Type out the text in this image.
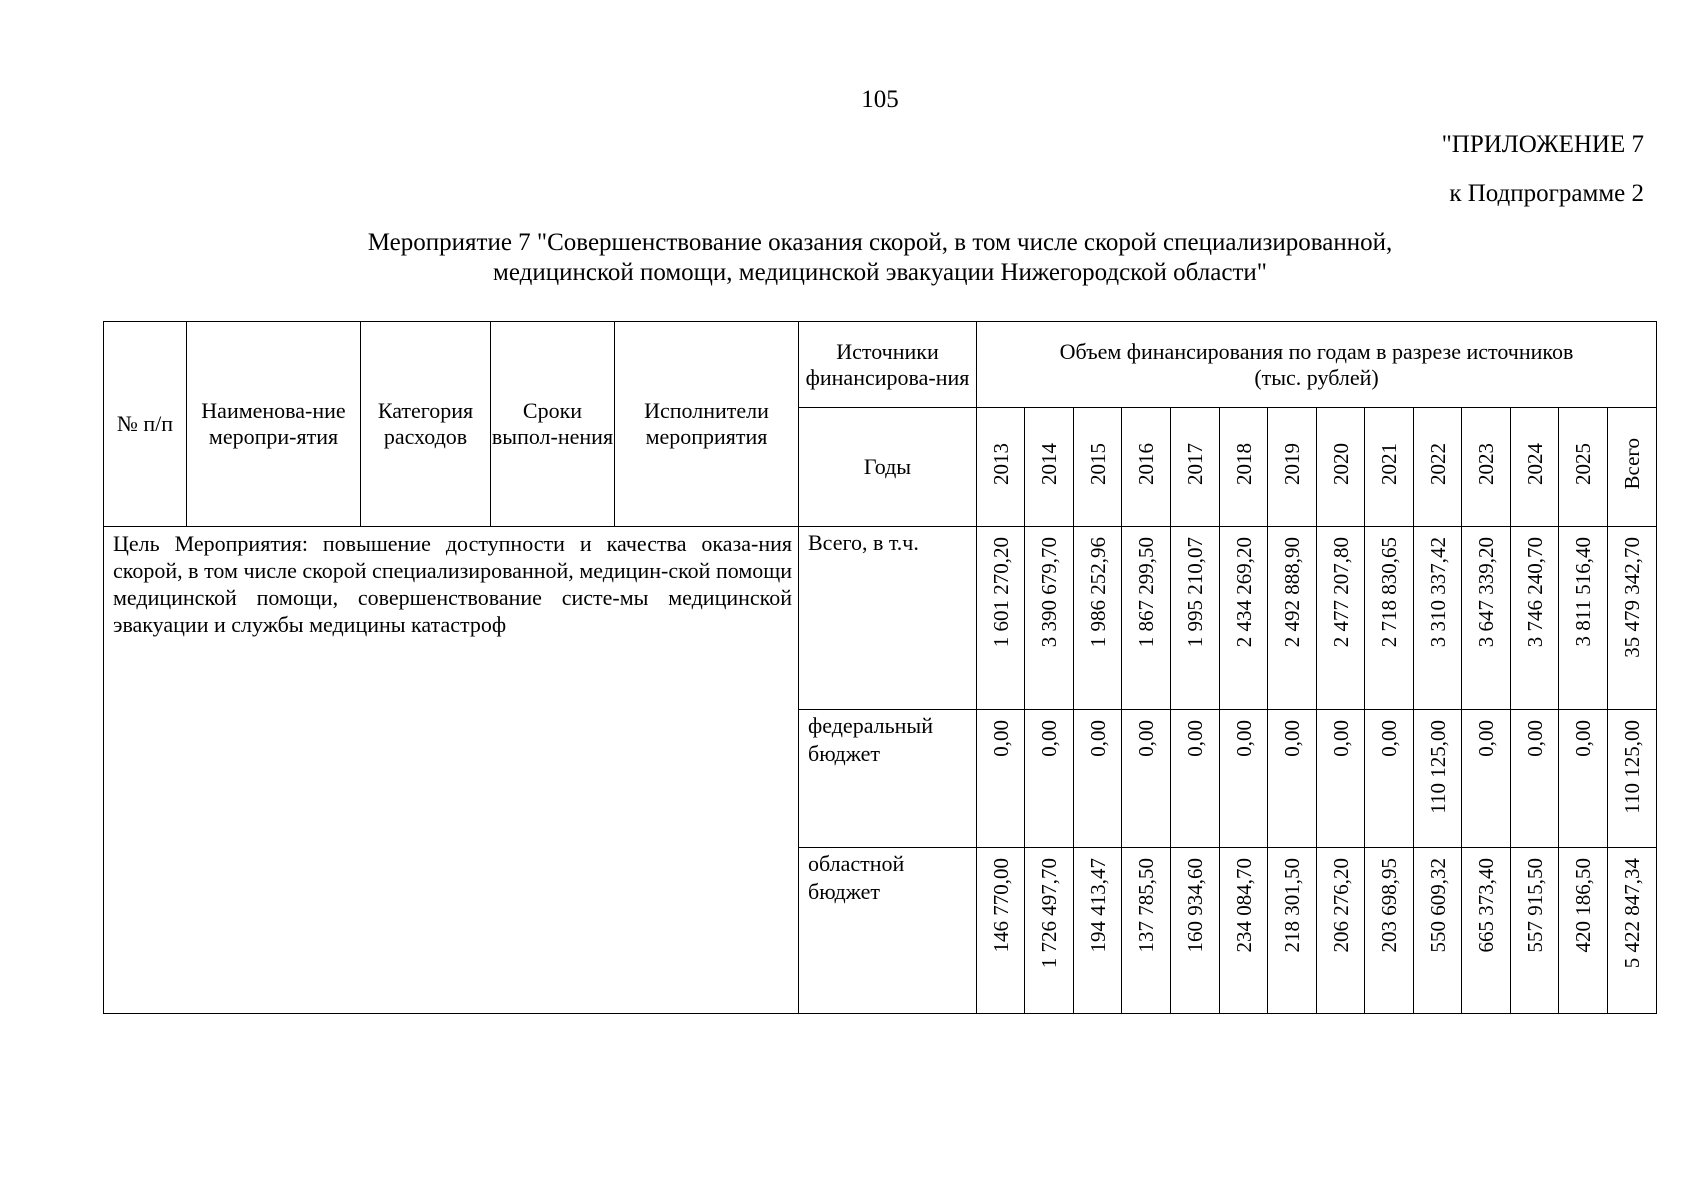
105
"ПРИЛОЖЕНИЕ 7
к Подпрограмме 2
Мероприятие 7 "Совершенствование оказания скорой, в том числе скорой специализированной,
медицинской помощи, медицинской эвакуации Нижегородской области"
№ п/п	Наименова-ние меропри-ятия	Категория расходов	Сроки выпол-нения	Исполнители мероприятия	Источники финансирова-ния	Объем финансирования по годам в разрезе источников (тыс. рублей)													
					Годы	2013	2014	2015	2016	2017	2018	2019	2020	2021	2022	2023	2024	2025	Всего
Цель Мероприятия: повышение доступности и качества оказа-ния скорой, в том числе скорой специализированной, медицин-ской помощи медицинской помощи, совершенствование систе-мы медицинской эвакуации и службы медицины катастроф					Всего, в т.ч.	1 601 270,20	3 390 679,70	1 986 252,96	1 867 299,50	1 995 210,07	2 434 269,20	2 492 888,90	2 477 207,80	2 718 830,65	3 310 337,42	3 647 339,20	3 746 240,70	3 811 516,40	35 479 342,70
					федеральный бюджет	0,00	0,00	0,00	0,00	0,00	0,00	0,00	0,00	0,00	110 125,00	0,00	0,00	0,00	110 125,00
					областной бюджет	146 770,00	1 726 497,70	194 413,47	137 785,50	160 934,60	234 084,70	218 301,50	206 276,20	203 698,95	550 609,32	665 373,40	557 915,50	420 186,50	5 422 847,34
